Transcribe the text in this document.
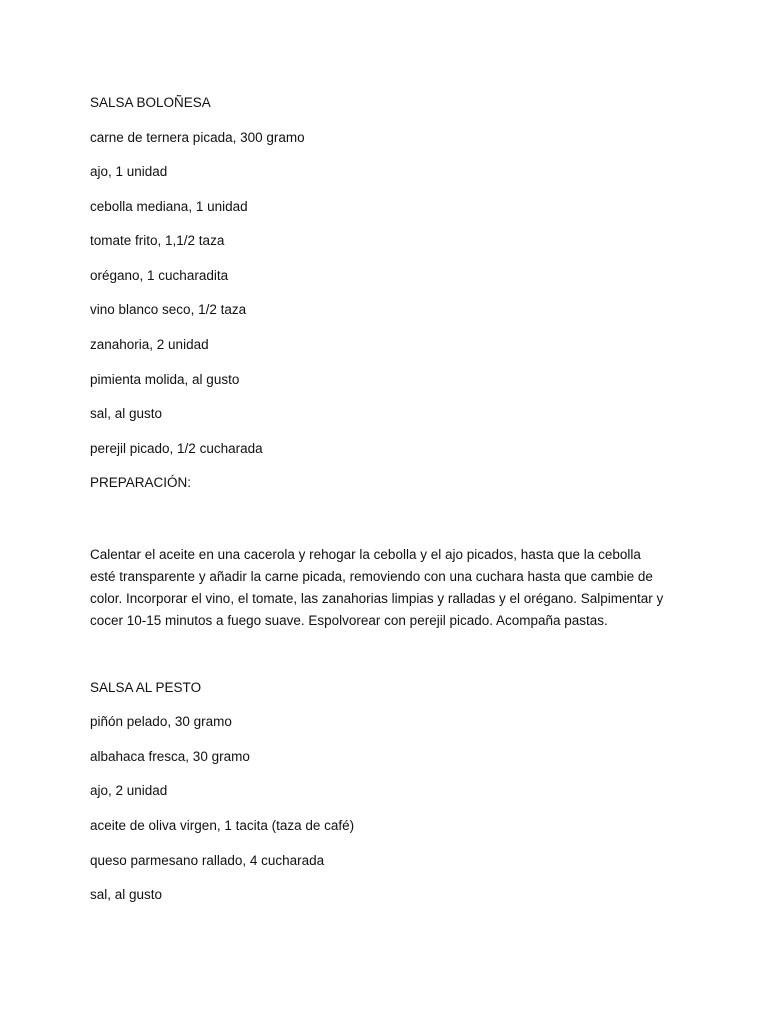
SALSA BOLOÑESA

carne de ternera picada, 300 gramo

ajo, 1 unidad

cebolla mediana, 1 unidad

tomate frito, 1,1/2 taza

orégano, 1 cucharadita

vino blanco seco, 1/2 taza

zanahoria, 2 unidad

pimienta molida, al gusto

sal, al gusto

perejil picado, 1/2 cucharada

PREPARACIÓN:

Calentar el aceite en una cacerola y rehogar la cebolla y el ajo picados, hasta que la cebolla
esté transparente y añadir la carne picada, removiendo con una cuchara hasta que cambie de
color. Incorporar el vino, el tomate, las zanahorias limpias y ralladas y el orégano. Salpimentar y
cocer 10-15 minutos a fuego suave. Espolvorear con perejil picado. Acompaña pastas.

SALSA AL PESTO

piñón pelado, 30 gramo

albahaca fresca, 30 gramo

ajo, 2 unidad

aceite de oliva virgen, 1 tacita (taza de café)

queso parmesano rallado, 4 cucharada

sal, al gusto
